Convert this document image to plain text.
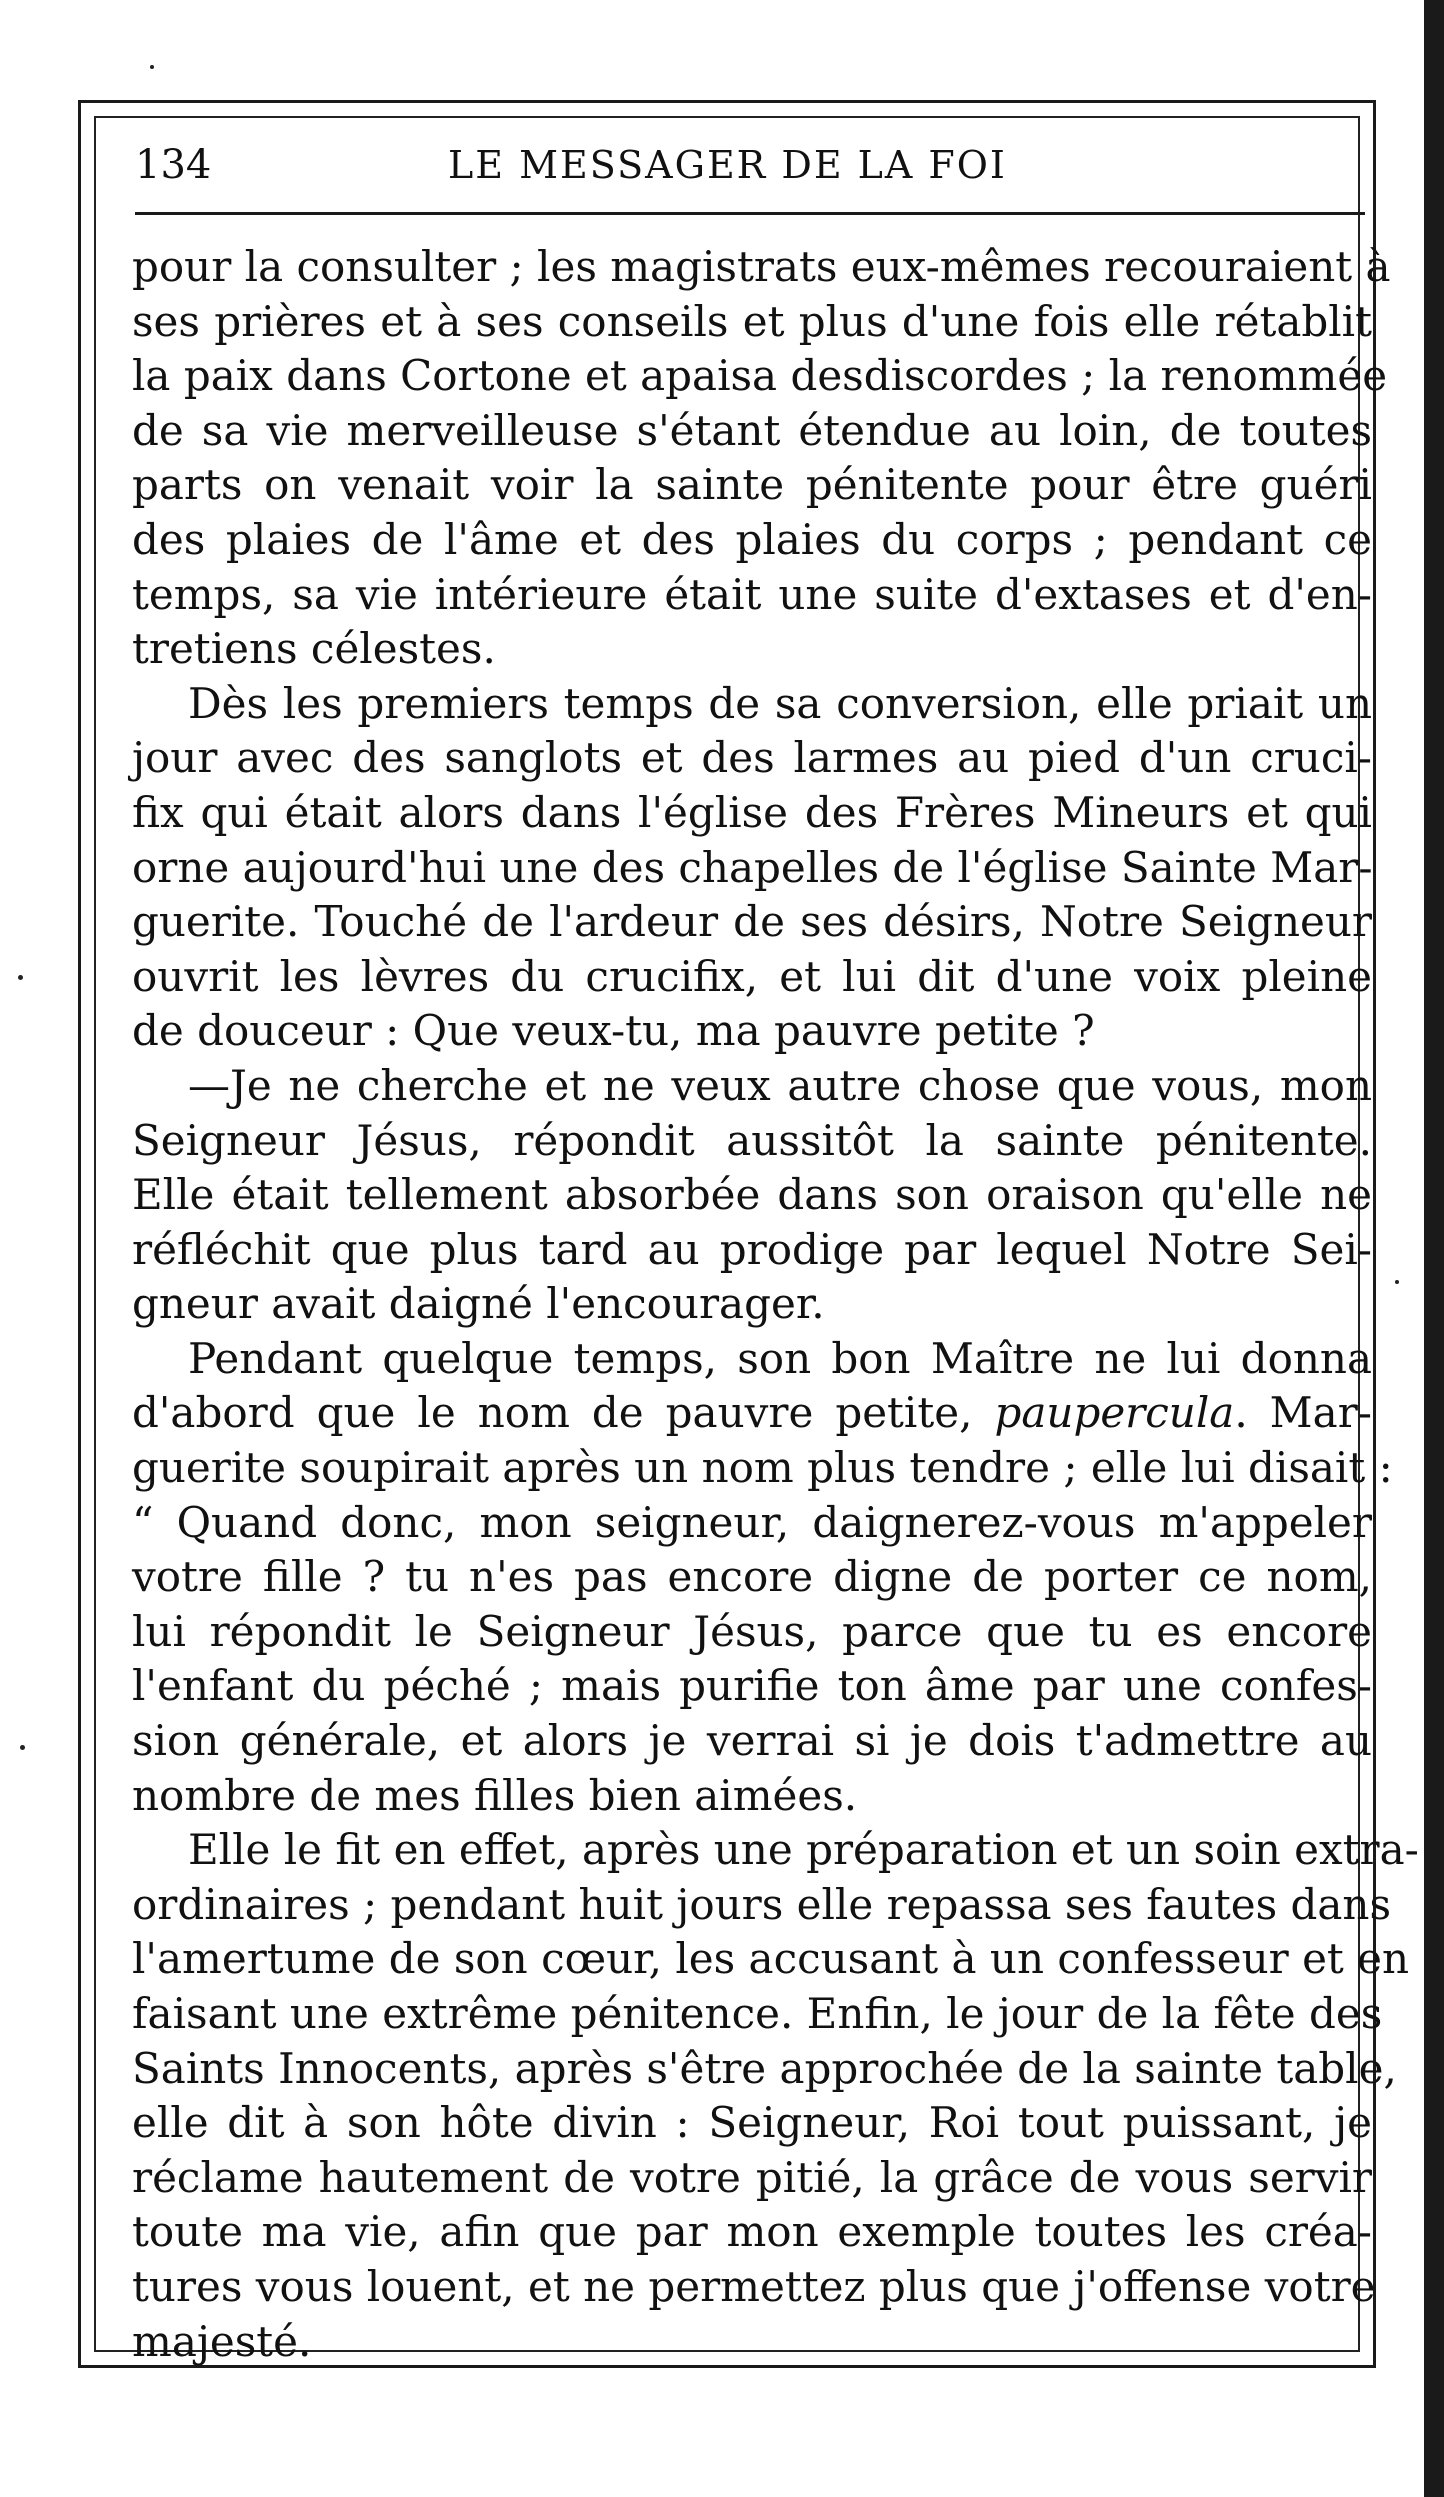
134	LE MESSAGER DE LA FOI
pour la consulter ; les magistrats eux-mêmes recouraient à
ses prières et à ses conseils et plus d'une fois elle rétablit
la paix dans Cortone et apaisa desdiscordes ; la renommée
de sa vie merveilleuse s'étant étendue au loin, de toutes
parts on venait voir la sainte pénitente pour être guéri
des plaies de l'âme et des plaies du corps ; pendant ce
temps, sa vie intérieure était une suite d'extases et d'en-
tretiens célestes.
Dès les premiers temps de sa conversion, elle priait un
jour avec des sanglots et des larmes au pied d'un cruci-
fix qui était alors dans l'église des Frères Mineurs et qui
orne aujourd'hui une des chapelles de l'église Sainte Mar-
guerite. Touché de l'ardeur de ses désirs, Notre Seigneur
ouvrit les lèvres du crucifix, et lui dit d'une voix pleine
de douceur : Que veux-tu, ma pauvre petite ?
—Je ne cherche et ne veux autre chose que vous, mon
Seigneur Jésus, répondit aussitôt la sainte pénitente.
Elle était tellement absorbée dans son oraison qu'elle ne
réfléchit que plus tard au prodige par lequel Notre Sei-
gneur avait daigné l'encourager.
Pendant quelque temps, son bon Maître ne lui donna
d'abord que le nom de pauvre petite, paupercula. Mar-
guerite soupirait après un nom plus tendre ; elle lui disait :
“ Quand donc, mon seigneur, daignerez-vous m'appeler
votre fille ? tu n'es pas encore digne de porter ce nom,
lui répondit le Seigneur Jésus, parce que tu es encore
l'enfant du péché ; mais purifie ton âme par une confes-
sion générale, et alors je verrai si je dois t'admettre au
nombre de mes filles bien aimées.
Elle le fit en effet, après une préparation et un soin extra-
ordinaires ; pendant huit jours elle repassa ses fautes dans
l'amertume de son cœur, les accusant à un confesseur et en
faisant une extrême pénitence. Enfin, le jour de la fête des
Saints Innocents, après s'être approchée de la sainte table,
elle dit à son hôte divin : Seigneur, Roi tout puissant, je
réclame hautement de votre pitié, la grâce de vous servir
toute ma vie, afin que par mon exemple toutes les créa-
tures vous louent, et ne permettez plus que j'offense votre
majesté.
